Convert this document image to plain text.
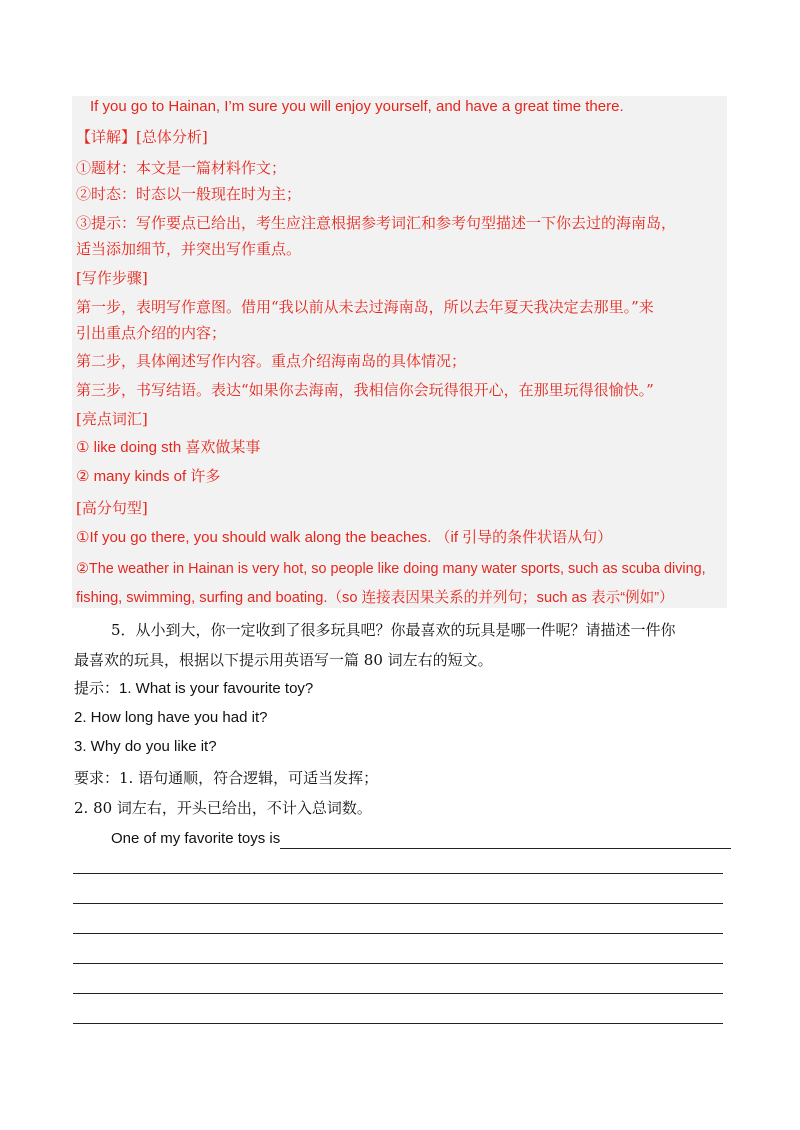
If you go to Hainan, I’m sure you will enjoy yourself, and have a great time there.
【详解】[总体分析]
①题材：本文是一篇材料作文；
②时态：时态以一般现在时为主；
③提示：写作要点已给出，考生应注意根据参考词汇和参考句型描述一下你去过的海南岛，
适当添加细节，并突出写作重点。
[写作步骤]
第一步，表明写作意图。借用“我以前从未去过海南岛，所以去年夏天我决定去那里。”来
引出重点介绍的内容；
第二步，具体阐述写作内容。重点介绍海南岛的具体情况；
第三步，书写结语。表达“如果你去海南，我相信你会玩得很开心，在那里玩得很愉快。”
[亮点词汇]
① like doing sth 喜欢做某事
② many kinds of 许多
[高分句型]
①If you go there, you should walk along the beaches. （if 引导的条件状语从句）
②The weather in Hainan is very hot, so people like doing many water sports, such as scuba diving,
fishing, swimming, surfing and boating.（so 连接表因果关系的并列句；such as 表示“例如”）
5．从小到大，你一定收到了很多玩具吧？你最喜欢的玩具是哪一件呢？请描述一件你
最喜欢的玩具，根据以下提示用英语写一篇 80 词左右的短文。
提示：1. What is your favourite toy?
2. How long have you had it?
3. Why do you like it?
要求：1. 语句通顺，符合逻辑，可适当发挥；
2. 80 词左右，开头已给出，不计入总词数。
One of my favorite toys is
